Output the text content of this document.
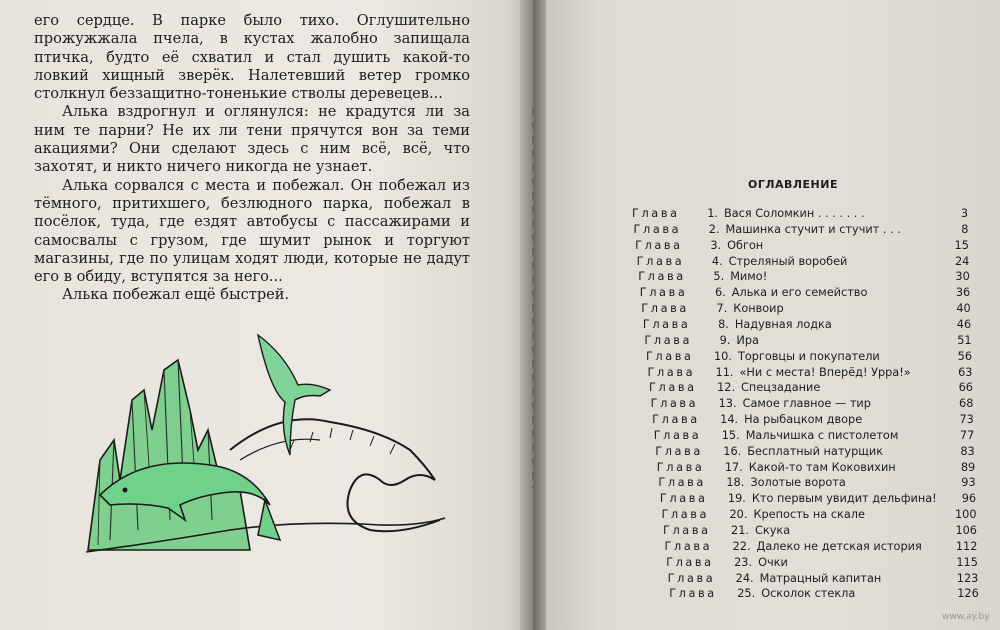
его сердце. В парке было тихо. Оглушительно прожужжала пчела, в кустах жалобно запищала птичка, будто её схватил и стал душить какой-то ловкий хищный зверёк. Налетевший ветер громко столкнул беззащитно-тоненькие стволы деревецев...

Алька вздрогнул и оглянулся: не крадутся ли за ним те парни? Не их ли тени прячутся вон за теми акациями? Они сделают здесь с ним всё, всё, что захотят, и никто ничего никогда не узнает.

Алька сорвался с места и побежал. Он побежал из тёмного, притихшего, безлюдного парка, побежал в посёлок, туда, где ездят автобусы с пассажирами и самосвалы с грузом, где шумит рынок и торгуют магазины, где по улицам ходят люди, которые не дадут его в обиду, вступятся за него...

Алька побежал ещё быстрей.

ОГЛАВЛЕНИЕ
Глава 1. Вася Соломкин . . . . . . .	3
Глава 2. Машинка стучит и стучит . . .	8
Глава 3. Обгон	15
Глава 4. Стреляный воробей	24
Глава 5. Мимо!	30
Глава 6. Алька и его семейство	36
Глава 7. Конвоир	40
Глава 8. Надувная лодка	46
Глава 9. Ира	51
Глава 10. Торговцы и покупатели	56
Глава 11. «Ни с места! Вперёд! Урра!»	63
Глава 12. Спецзадание	66
Глава 13. Самое главное — тир	68
Глава 14. На рыбацком дворе	73
Глава 15. Мальчишка с пистолетом	77
Глава 16. Бесплатный натурщик	83
Глава 17. Какой-то там Коковихин	89
Глава 18. Золотые ворота	93
Глава 19. Кто первым увидит дельфина!	96
Глава 20. Крепость на скале	100
Глава 21. Скука	106
Глава 22. Далеко не детская история	112
Глава 23. Очки	115
Глава 24. Матрацный капитан	123
Глава 25. Осколок стекла	126
www.ay.by
